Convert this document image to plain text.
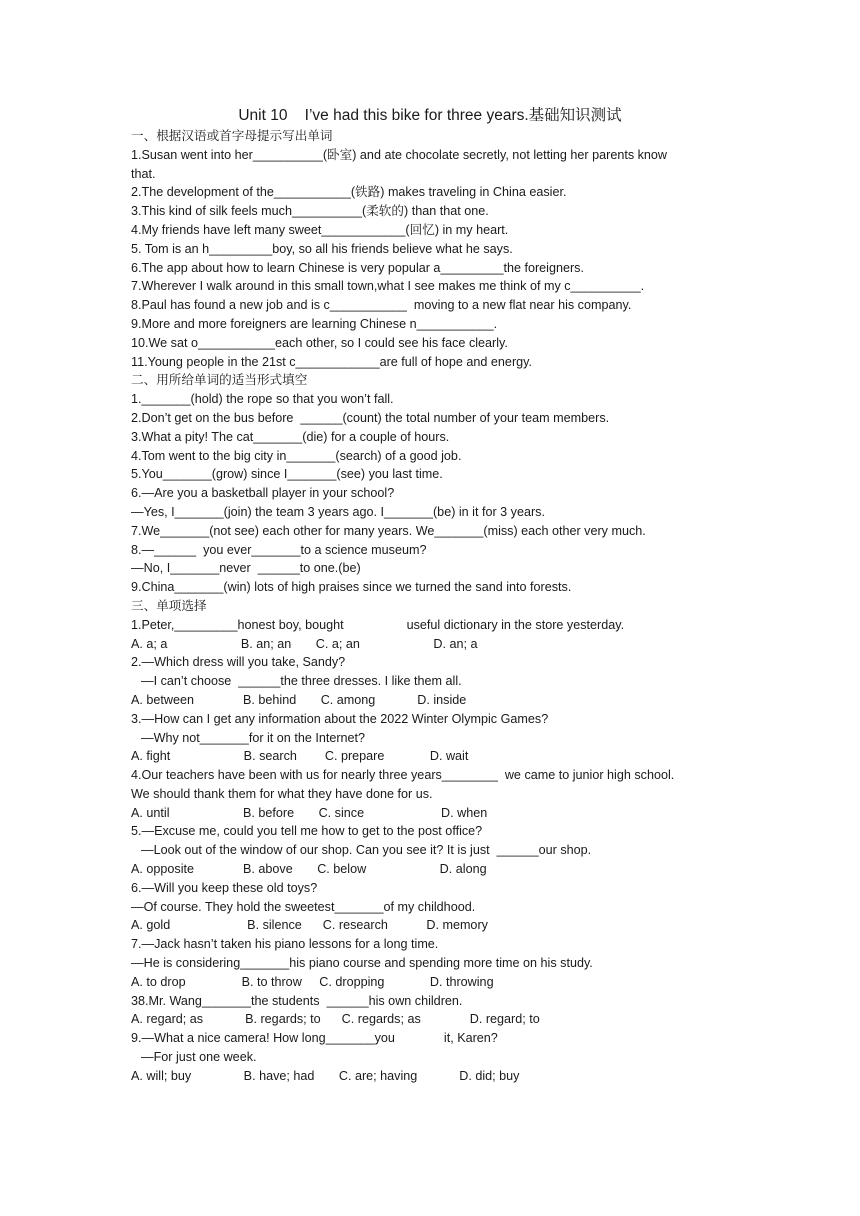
Unit 10    I’ve had this bike for three years.基础知识测试
一、根据汉语或首字母提示写出单词
1.Susan went into her__________(卧室) and ate chocolate secretly, not letting her parents know
that.
2.The development of the___________(铁路) makes traveling in China easier.
3.This kind of silk feels much__________(柔软的) than that one.
4.My friends have left many sweet____________(回忆) in my heart.
5. Tom is an h_________boy, so all his friends believe what he says.
6.The app about how to learn Chinese is very popular a_________the foreigners.
7.Wherever I walk around in this small town,what I see makes me think of my c__________.
8.Paul has found a new job and is c___________  moving to a new flat near his company.
9.More and more foreigners are learning Chinese n___________.
10.We sat o___________each other, so I could see his face clearly.
11.Young people in the 21st c____________are full of hope and energy.
二、用所给单词的适当形式填空
1._______(hold) the rope so that you won’t fall.
2.Don’t get on the bus before  ______(count) the total number of your team members.
3.What a pity! The cat_______(die) for a couple of hours.
4.Tom went to the big city in_______(search) of a good job.
5.You_______(grow) since I_______(see) you last time.
6.—Are you a basketball player in your school?
—Yes, I_______(join) the team 3 years ago. I_______(be) in it for 3 years.
7.We_______(not see) each other for many years. We_______(miss) each other very much.
8.—______  you ever_______to a science museum?
—No, I_______never  ______to one.(be)
9.China_______(win) lots of high praises since we turned the sand into forests.
三、单项选择
1.Peter,_________honest boy, bought                  useful dictionary in the store yesterday.
A. a; a                     B. an; an       C. a; an                     D. an; a
2.—Which dress will you take, Sandy?
—I can’t choose  ______the three dresses. I like them all.
A. between              B. behind       C. among            D. inside
3.—How can I get any information about the 2022 Winter Olympic Games?
—Why not_______for it on the Internet?
A. fight                     B. search        C. prepare             D. wait
4.Our teachers have been with us for nearly three years________  we came to junior high school.
We should thank them for what they have done for us.
A. until                     B. before       C. since                      D. when
5.—Excuse me, could you tell me how to get to the post office?
—Look out of the window of our shop. Can you see it? It is just  ______our shop.
A. opposite              B. above       C. below                     D. along
6.—Will you keep these old toys?
—Of course. They hold the sweetest_______of my childhood.
A. gold                      B. silence      C. research           D. memory
7.—Jack hasn’t taken his piano lessons for a long time.
—He is considering_______his piano course and spending more time on his study.
A. to drop                B. to throw     C. dropping             D. throwing
38.Mr. Wang_______the students  ______his own children.
A. regard; as            B. regards; to      C. regards; as              D. regard; to
9.—What a nice camera! How long_______you              it, Karen?
—For just one week.
A. will; buy               B. have; had       C. are; having            D. did; buy
